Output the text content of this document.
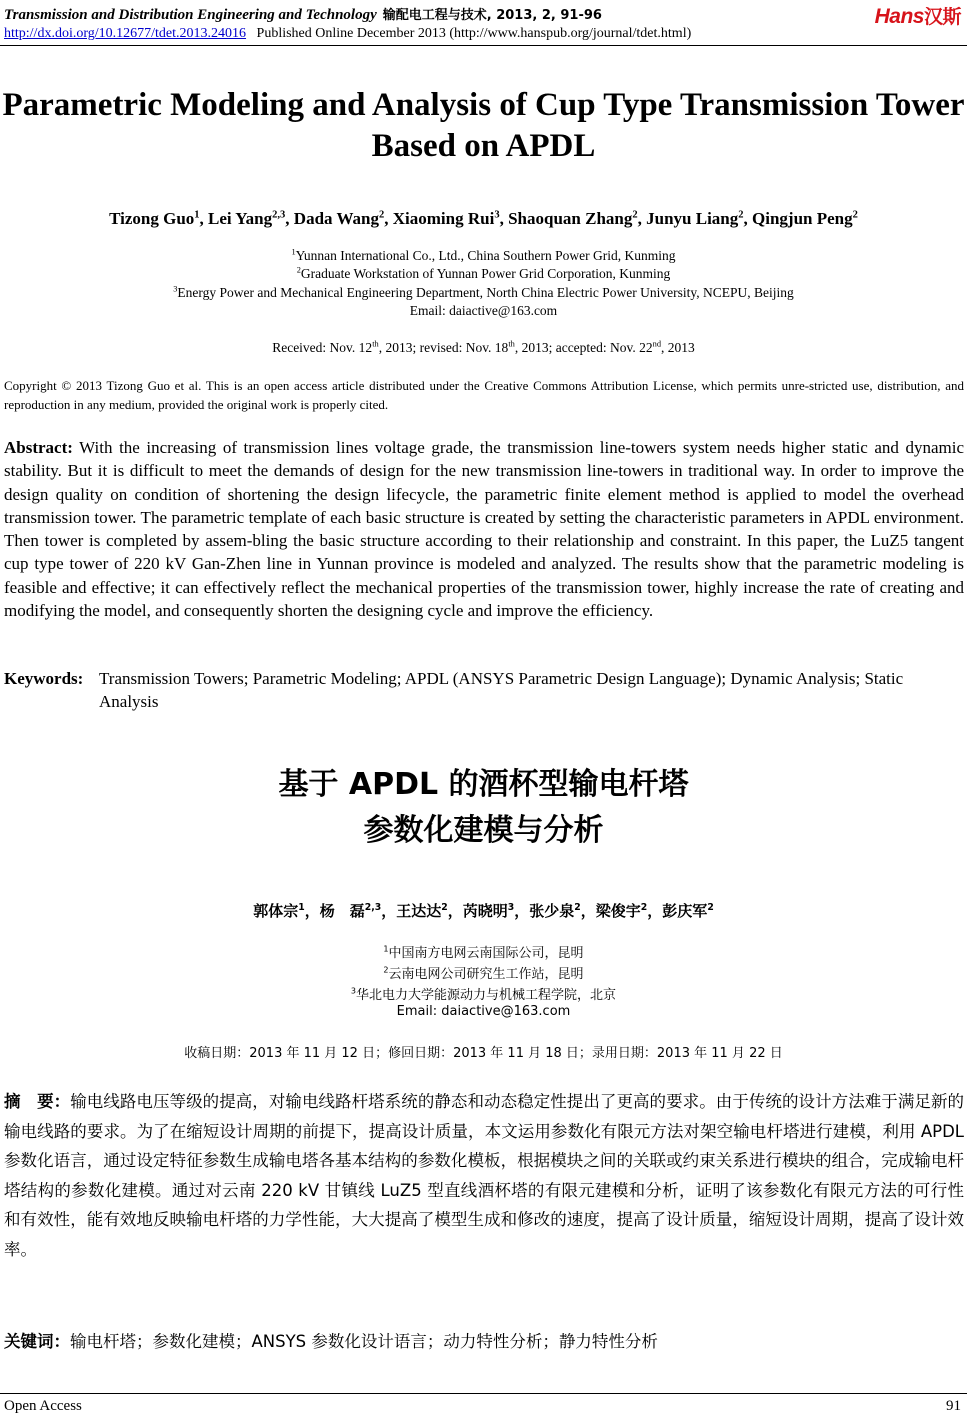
Transmission and Distribution Engineering and Technology 输配电工程与技术, 2013, 2, 91-96	Hans汉斯
http://dx.doi.org/10.12677/tdet.2013.24016 Published Online December 2013 (http://www.hanspub.org/journal/tdet.html)
Parametric Modeling and Analysis of Cup Type Transmission Tower Based on APDL
Tizong Guo$^1$, Lei Yang$^{2,3}$, Dada Wang$^2$, Xiaoming Rui$^3$, Shaoquan Zhang$^2$, Junyu Liang$^2$, Qingjun Peng$^2$
$^1$Yunnan International Co., Ltd., China Southern Power Grid, Kunming
$^2$Graduate Workstation of Yunnan Power Grid Corporation, Kunming
$^3$Energy Power and Mechanical Engineering Department, North China Electric Power University, NCEPU, Beijing
Email: daiactive@163.com
Received: Nov. 12th, 2013; revised: Nov. 18th, 2013; accepted: Nov. 22nd, 2013
Copyright © 2013 Tizong Guo et al. This is an open access article distributed under the Creative Commons Attribution License, which permits unre-stricted use, distribution, and reproduction in any medium, provided the original work is properly cited.
Abstract: With the increasing of transmission lines voltage grade, the transmission line-towers system needs higher static and dynamic stability. But it is difficult to meet the demands of design for the new transmission line-towers in traditional way. In order to improve the design quality on condition of shortening the design lifecycle, the parametric finite element method is applied to model the overhead transmission tower. The parametric template of each basic structure is created by setting the characteristic parameters in APDL environment. Then tower is completed by assem-bling the basic structure according to their relationship and constraint. In this paper, the LuZ5 tangent cup type tower of 220 kV Gan-Zhen line in Yunnan province is modeled and analyzed. The results show that the parametric modeling is feasible and effective; it can effectively reflect the mechanical properties of the transmission tower, highly increase the rate of creating and modifying the model, and consequently shorten the designing cycle and improve the efficiency.
Keywords: Transmission Towers; Parametric Modeling; APDL (ANSYS Parametric Design Language); Dynamic Analysis; Static Analysis
基于 APDL 的酒杯型输电杆塔
参数化建模与分析
郭体宗$^1$，杨　磊$^{2,3}$，王达达$^2$，芮晓明$^3$，张少泉$^2$，梁俊宇$^2$，彭庆军$^2$
$^1$中国南方电网云南国际公司，昆明
$^2$云南电网公司研究生工作站，昆明
$^3$华北电力大学能源动力与机械工程学院，北京
Email: daiactive@163.com
收稿日期：2013 年 11 月 12 日；修回日期：2013 年 11 月 18 日；录用日期：2013 年 11 月 22 日
摘　要：输电线路电压等级的提高，对输电线路杆塔系统的静态和动态稳定性提出了更高的要求。由于传统的设计方法难于满足新的输电线路的要求。为了在缩短设计周期的前提下，提高设计质量，本文运用参数化有限元方法对架空输电杆塔进行建模，利用 APDL 参数化语言，通过设定特征参数生成输电塔各基本结构的参数化模板，根据模块之间的关联或约束关系进行模块的组合，完成输电杆塔结构的参数化建模。通过对云南 220 kV 甘镇线 LuZ5 型直线酒杯塔的有限元建模和分析，证明了该参数化有限元方法的可行性和有效性，能有效地反映输电杆塔的力学性能，大大提高了模型生成和修改的速度，提高了设计质量，缩短设计周期，提高了设计效率。
关键词：输电杆塔；参数化建模；ANSYS 参数化设计语言；动力特性分析；静力特性分析
Open Access	91
